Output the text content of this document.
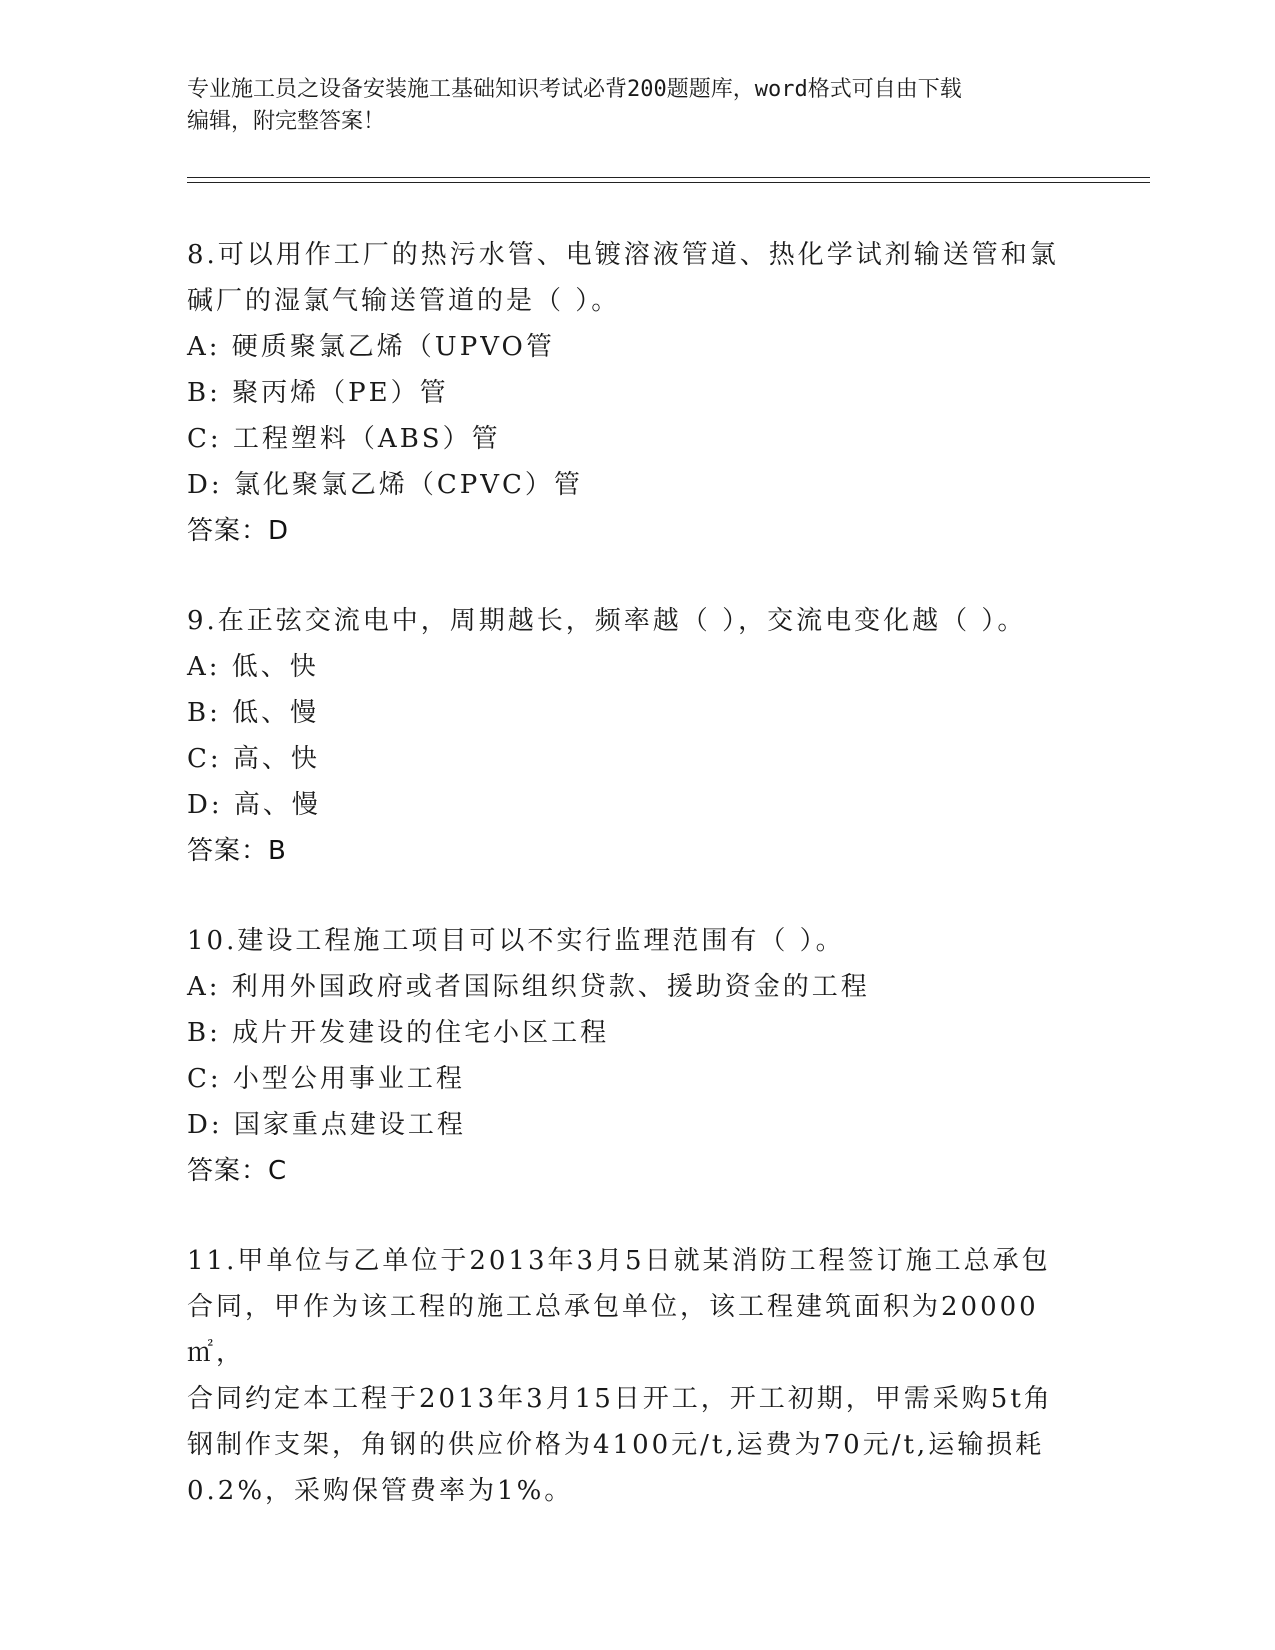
专业施工员之设备安装施工基础知识考试必背200题题库，word格式可自由下载
编辑，附完整答案！
8.可以用作工厂的热污水管、电镀溶液管道、热化学试剂输送管和氯
碱厂的湿氯气输送管道的是（ ）。
A: 硬质聚氯乙烯（UPVO管
B: 聚丙烯（PE）管
C: 工程塑料（ABS）管
D: 氯化聚氯乙烯（CPVC）管
答案：D
9.在正弦交流电中，周期越长，频率越（ ），交流电变化越（ ）。
A: 低、快
B: 低、慢
C: 高、快
D: 高、慢
答案：B
10.建设工程施工项目可以不实行监理范围有（ ）。
A: 利用外国政府或者国际组织贷款、援助资金的工程
B: 成片开发建设的住宅小区工程
C: 小型公用事业工程
D: 国家重点建设工程
答案：C
11.甲单位与乙单位于2013年3月5日就某消防工程签订施工总承包
合同，甲作为该工程的施工总承包单位，该工程建筑面积为20000㎡，
合同约定本工程于2013年3月15日开工，开工初期，甲需采购5t角
钢制作支架，角钢的供应价格为4100元/t,运费为70元/t,运输损耗
0.2%，采购保管费率为1%。
